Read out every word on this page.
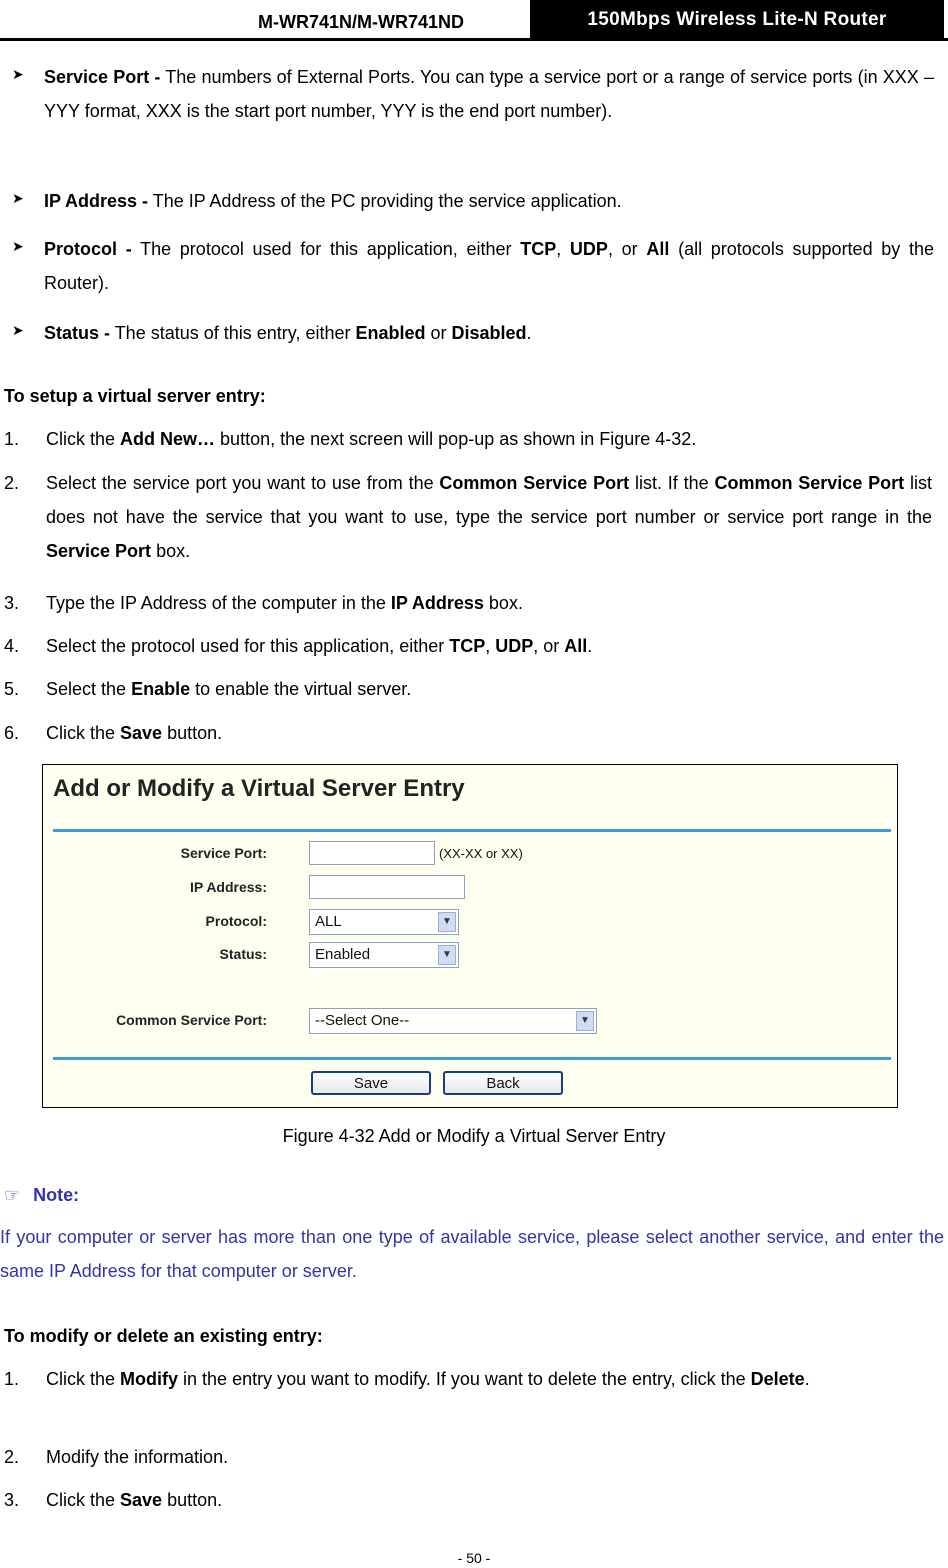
M-WR741N/M-WR741ND	150Mbps Wireless Lite-N Router
➤ Service Port - The numbers of External Ports. You can type a service port or a range of service ports (in XXX – YYY format, XXX is the start port number, YYY is the end port number).
➤ IP Address - The IP Address of the PC providing the service application.
➤ Protocol - The protocol used for this application, either TCP, UDP, or All (all protocols supported by the Router).
➤ Status - The status of this entry, either Enabled or Disabled.
To setup a virtual server entry:
1. Click the Add New… button, the next screen will pop-up as shown in Figure 4-32.
2. Select the service port you want to use from the Common Service Port list. If the Common Service Port list does not have the service that you want to use, type the service port number or service port range in the Service Port box.
3. Type the IP Address of the computer in the IP Address box.
4. Select the protocol used for this application, either TCP, UDP, or All.
5. Select the Enable to enable the virtual server.
6. Click the Save button.
Add or Modify a Virtual Server Entry
Service Port:	(XX-XX or XX)
IP Address:
Protocol:	ALL	▼
Status:	Enabled	▼
Common Service Port:	--Select One--	▼
Save	Back
Figure 4-32 Add or Modify a Virtual Server Entry
☞ Note:
If your computer or server has more than one type of available service, please select another service, and enter the same IP Address for that computer or server.
To modify or delete an existing entry:
1. Click the Modify in the entry you want to modify. If you want to delete the entry, click the Delete.
2. Modify the information.
3. Click the Save button.
- 50 -
